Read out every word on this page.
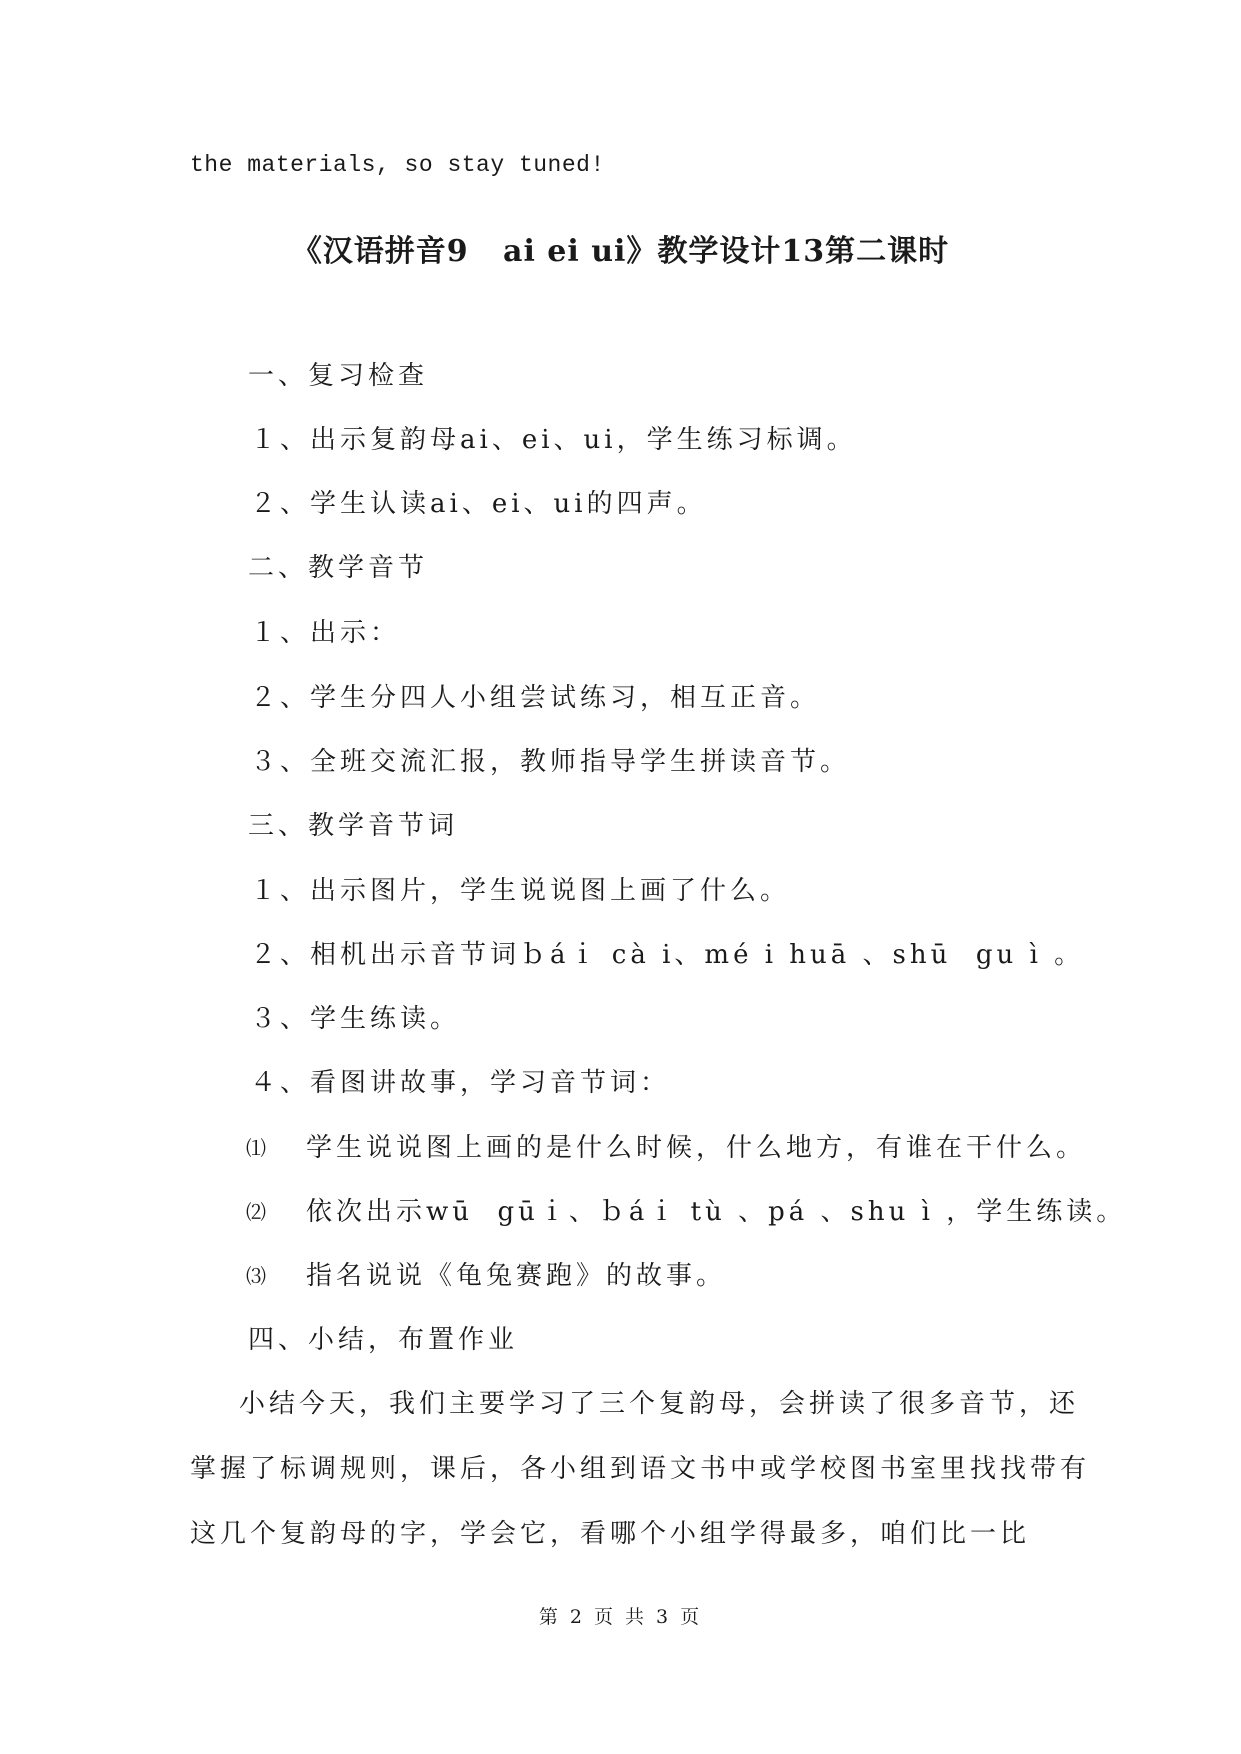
the materials, so stay tuned!
《汉语拼音9   ai ei ui》教学设计13第二课时
一、复习检查
１、出示复韵母ai、ei、ui，学生练习标调。
２、学生认读ai、ei、ui的四声。
二、教学音节
１、出示：
２、学生分四人小组尝试练习，相互正音。
３、全班交流汇报，教师指导学生拼读音节。
三、教学音节词
１、出示图片，学生说说图上画了什么。
２、相机出示音节词ｂáｉ cà i、mé i huā 、shū  gu ì 。
３、学生练读。
４、看图讲故事，学习音节词：
⑴	学生说说图上画的是什么时候，什么地方，有谁在干什么。
⑵	依次出示wū  gūｉ、ｂáｉ tù 、pá 、shu ì ，学生练读。
⑶	指名说说《龟兔赛跑》的故事。
四、小结，布置作业
小结今天，我们主要学习了三个复韵母，会拼读了很多音节，还
掌握了标调规则，课后，各小组到语文书中或学校图书室里找找带有
这几个复韵母的字，学会它，看哪个小组学得最多，咱们比一比
第 2 页 共 3 页
